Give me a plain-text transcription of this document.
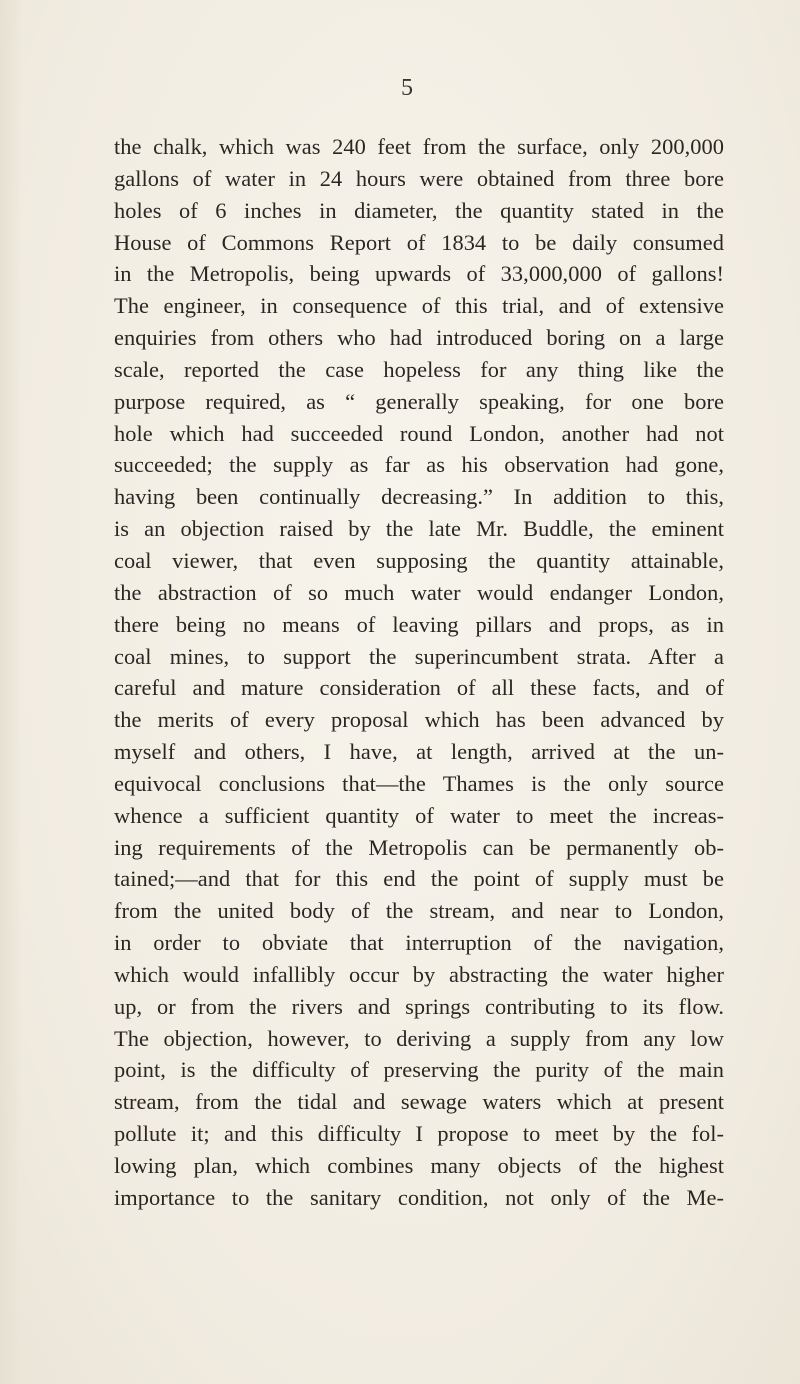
5
the chalk, which was 240 feet from the surface, only 200,000
gallons of water in 24 hours were obtained from three bore
holes of 6 inches in diameter, the quantity stated in the
House of Commons Report of 1834 to be daily consumed
in the Metropolis, being upwards of 33,000,000 of gallons!
The engineer, in consequence of this trial, and of extensive
enquiries from others who had introduced boring on a large
scale, reported the case hopeless for any thing like the
purpose required, as “ generally speaking, for one bore
hole which had succeeded round London, another had not
succeeded; the supply as far as his observation had gone,
having been continually decreasing.” In addition to this,
is an objection raised by the late Mr. Buddle, the eminent
coal viewer, that even supposing the quantity attainable,
the abstraction of so much water would endanger London,
there being no means of leaving pillars and props, as in
coal mines, to support the superincumbent strata. After a
careful and mature consideration of all these facts, and of
the merits of every proposal which has been advanced by
myself and others, I have, at length, arrived at the un-
equivocal conclusions that—the Thames is the only source
whence a sufficient quantity of water to meet the increas-
ing requirements of the Metropolis can be permanently ob-
tained;—and that for this end the point of supply must be
from the united body of the stream, and near to London,
in order to obviate that interruption of the navigation,
which would infallibly occur by abstracting the water higher
up, or from the rivers and springs contributing to its flow.
The objection, however, to deriving a supply from any low
point, is the difficulty of preserving the purity of the main
stream, from the tidal and sewage waters which at present
pollute it; and this difficulty I propose to meet by the fol-
lowing plan, which combines many objects of the highest
importance to the sanitary condition, not only of the Me-
